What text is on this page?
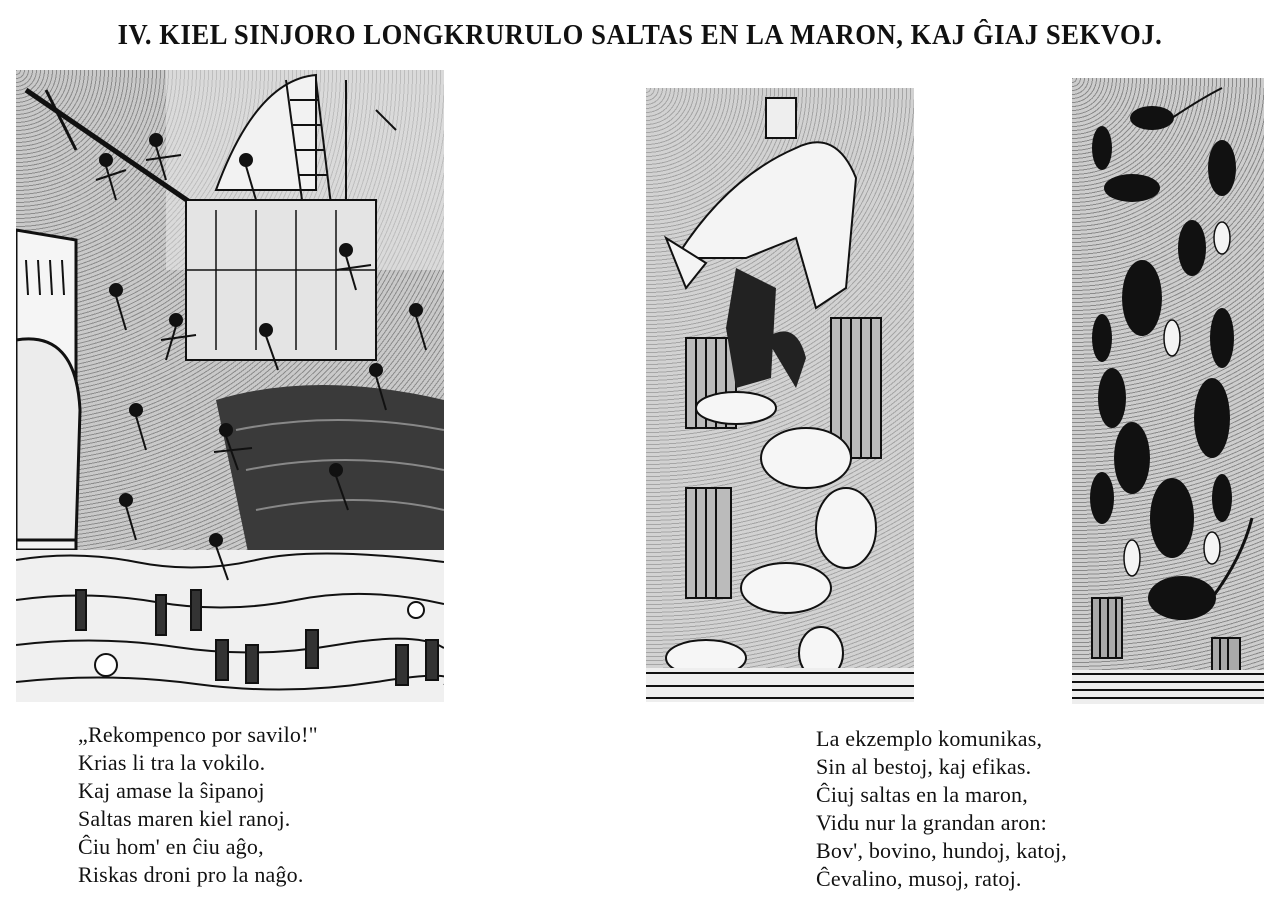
IV. KIEL SINJORO LONGKRURULO SALTAS EN LA MARON, KAJ ĜIAJ SEKVOJ.
„Rekompenco por savilo!"
Krias li tra la vokilo.
Kaj amase la ŝipanoj
Saltas maren kiel ranoj.
Ĉiu hom' en ĉiu aĝo,
Riskas droni pro la naĝo.
La ekzemplo komunikas,
Sin al bestoj, kaj efikas.
Ĉiuj saltas en la maron,
Vidu nur la grandan aron:
Bov', bovino, hundoj, katoj,
Ĉevalino, musoj, ratoj.
